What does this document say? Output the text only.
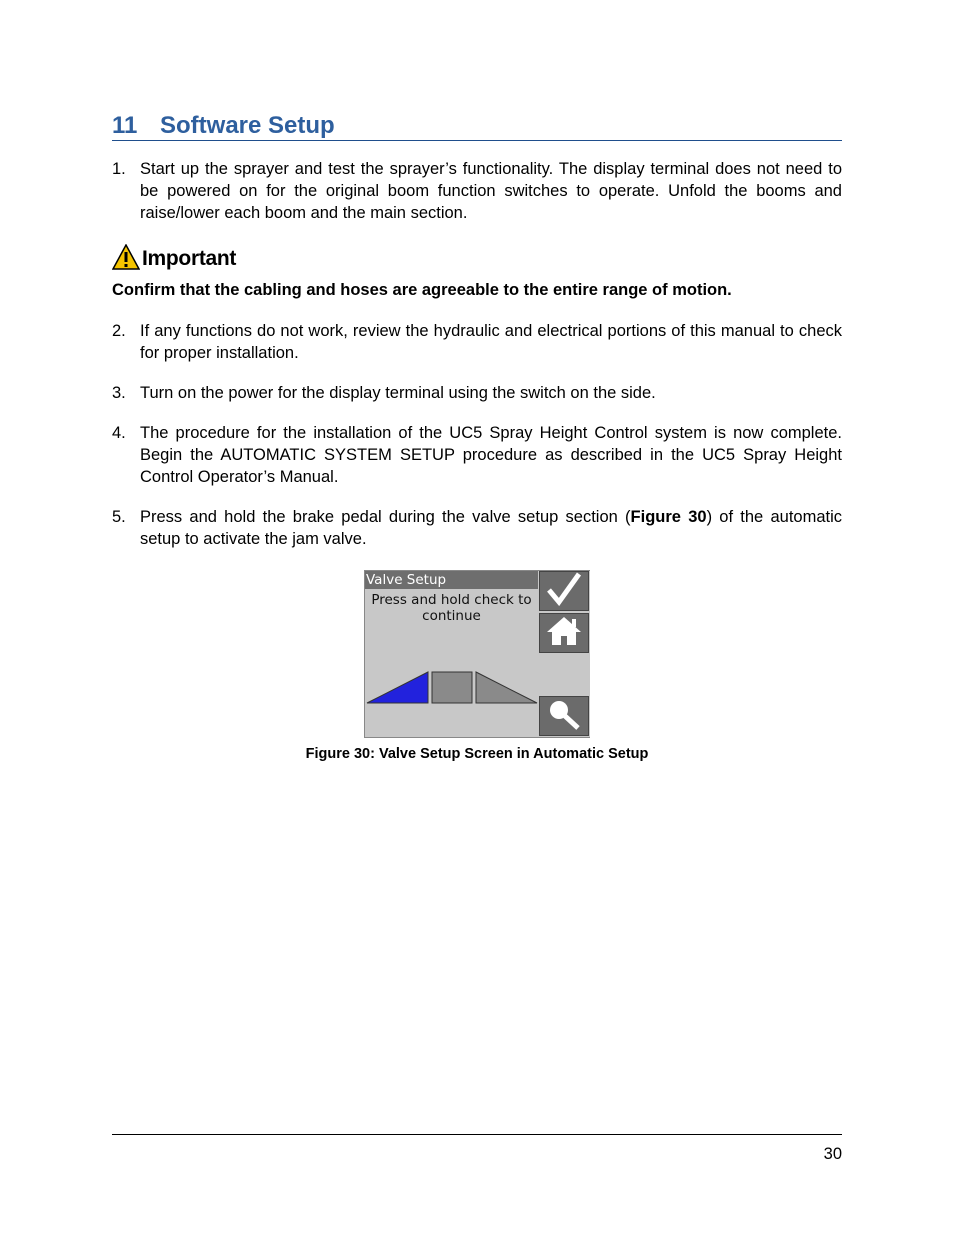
11 Software Setup
1. Start up the sprayer and test the sprayer’s functionality. The display terminal does not need to be powered on for the original boom function switches to operate. Unfold the booms and raise/lower each boom and the main section.
Important
Confirm that the cabling and hoses are agreeable to the entire range of motion.
2. If any functions do not work, review the hydraulic and electrical portions of this manual to check for proper installation.
3. Turn on the power for the display terminal using the switch on the side.
4. The procedure for the installation of the UC5 Spray Height Control system is now complete. Begin the AUTOMATIC SYSTEM SETUP procedure as described in the UC5 Spray Height Control Operator’s Manual.
5. Press and hold the brake pedal during the valve setup section (Figure 30) of the automatic setup to activate the jam valve.
Valve Setup
Press and hold check to continue
Figure 30: Valve Setup Screen in Automatic Setup
30
